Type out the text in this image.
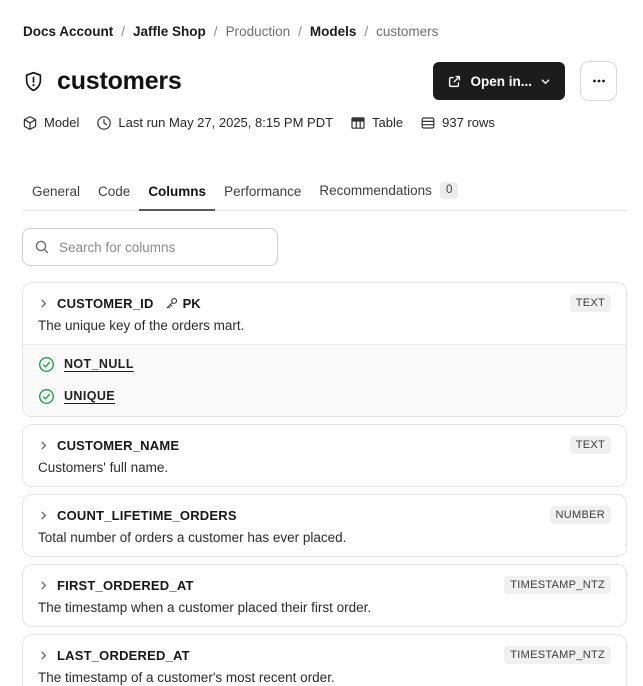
Docs Account / Jaffle Shop / Production / Models / customers
customers	Open in...
Model	Last run May 27, 2025, 8:15 PM PDT	Table	937 rows
General Code Columns Performance Recommendations	0
Search for columns
CUSTOMER_ID PK	TEXT

The unique key of the orders mart.

NOT_NULL
UNIQUE
CUSTOMER_NAME	TEXT

Customers' full name.

COUNT_LIFETIME_ORDERS	NUMBER

Total number of orders a customer has ever placed.

FIRST_ORDERED_AT	TIMESTAMP_NTZ

The timestamp when a customer placed their first order.

LAST_ORDERED_AT	TIMESTAMP_NTZ

The timestamp of a customer's most recent order.
